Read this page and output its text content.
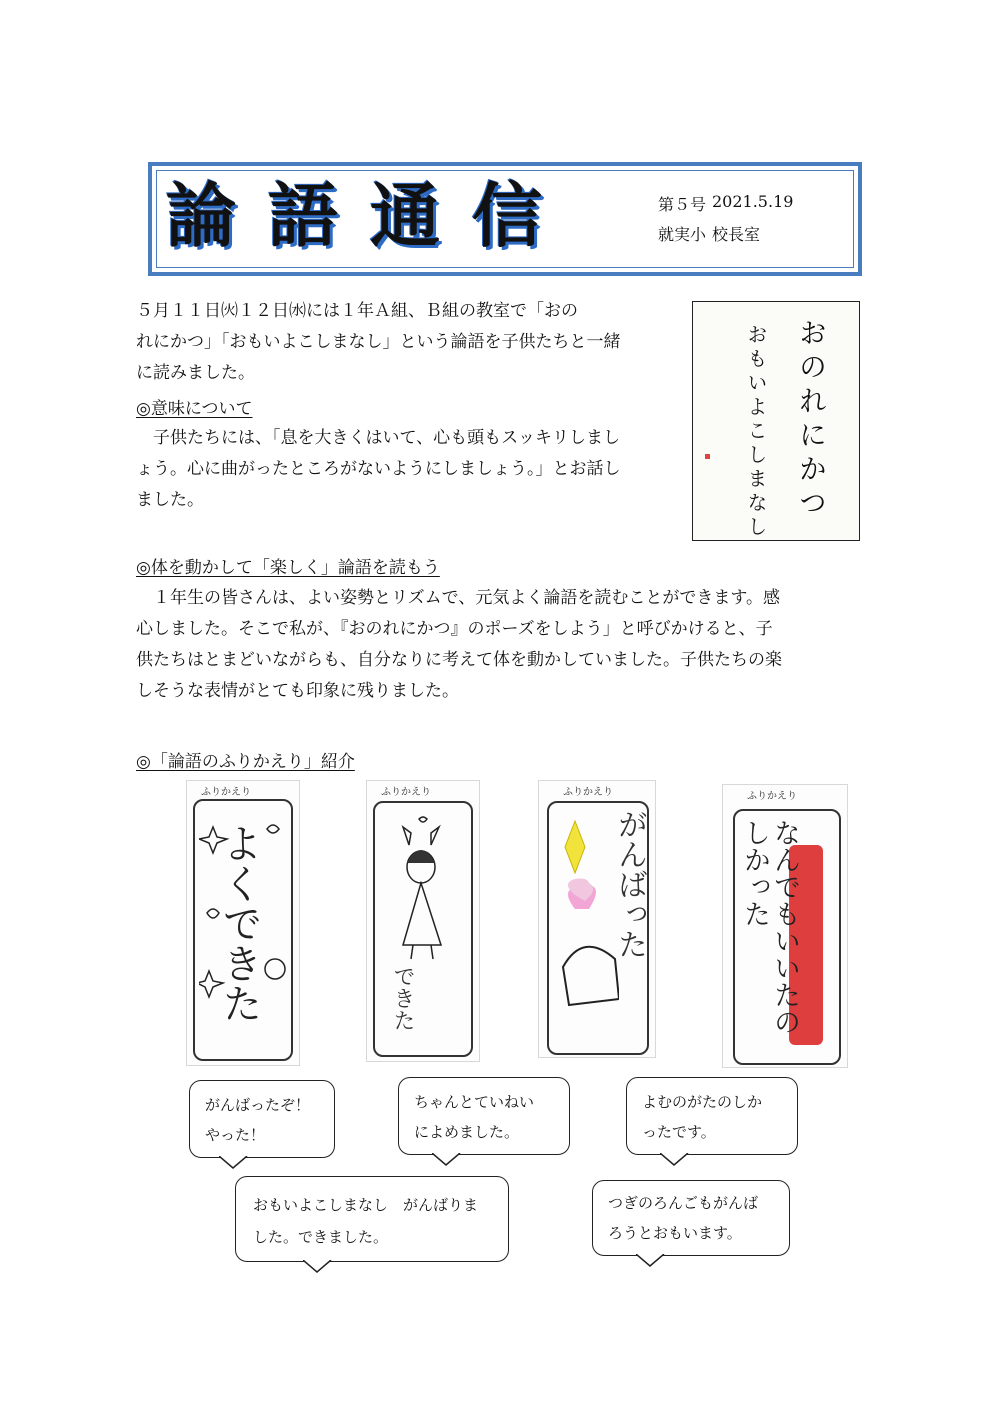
論語通信	第５号 2021.5.19
就実小 校長室
５月１１日㈫１２日㈬には１年Ａ組、Ｂ組の教室で「おの
れにかつ」「おもいよこしまなし」という論語を子供たちと一緒
に読みました。
◎意味について
　子供たちには、「息を大きくはいて、心も頭もスッキリしまし
ょう。心に曲がったところがないようにしましょう。」とお話し
ました。	おのれにかつ
おもいよこしまなし
◎体を動かして「楽しく」論語を読もう
　１年生の皆さんは、よい姿勢とリズムで、元気よく論語を読むことができます。感
心しました。そこで私が、『おのれにかつ』のポーズをしよう」と呼びかけると、子
供たちはとまどいながらも、自分なりに考えて体を動かしていました。子供たちの楽
しそうな表情がとても印象に残りました。
◎「論語のふりかえり」紹介
ふりかえり
よくできた
ふりかえり
できた
ふりかえり
がんばった
ふりかえり
なんでもいいたのしかった
がんばったぞ！
やった！
ちゃんとていねい
によめました。
よむのがたのしか
ったです。
おもいよこしまなし　がんばりま
した。できました。
つぎのろんごもがんば
ろうとおもいます。
